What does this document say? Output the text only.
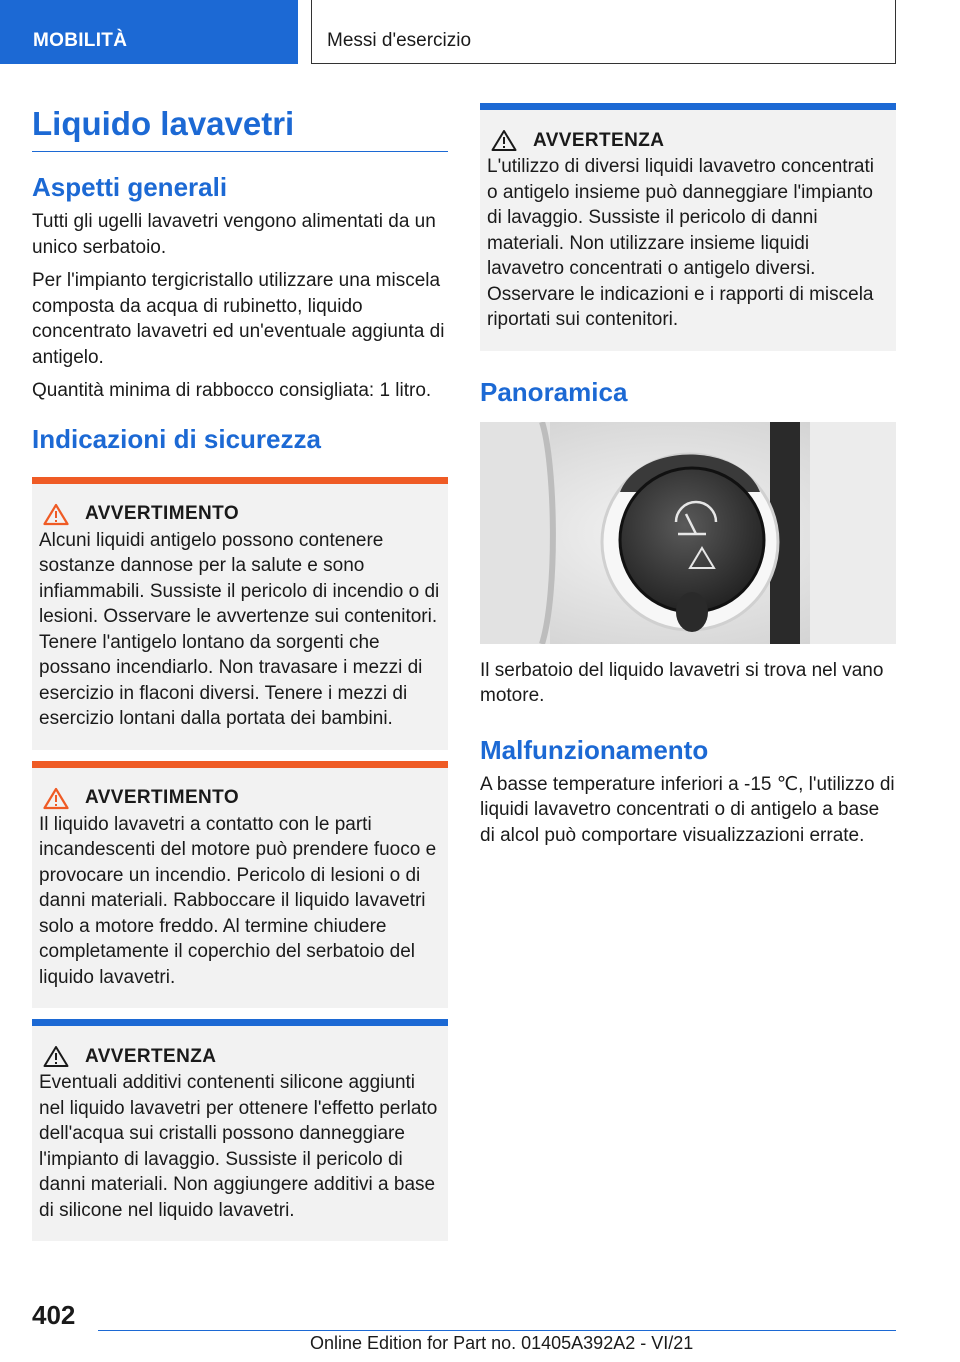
MOBILITÀ	Messi d'esercizio
Liquido lavavetri
Aspetti generali

Tutti gli ugelli lavavetri vengono alimentati da un unico serbatoio.

Per l'impianto tergicristallo utilizzare una miscela composta da acqua di rubinetto, liquido concentrato lavavetri ed un'eventuale aggiunta di antigelo.

Quantità minima di rabbocco consigliata: 1 litro.

Indicazioni di sicurezza
AVVERTIMENTO

Alcuni liquidi antigelo possono contenere sostanze dannose per la salute e sono infiammabili. Sussiste il pericolo di incendio o di lesioni. Osservare le avvertenze sui contenitori. Tenere l'antigelo lontano da sorgenti che possano incendiarlo. Non travasare i mezzi di esercizio in flaconi diversi. Tenere i mezzi di esercizio lontani dalla portata dei bambini.

AVVERTIMENTO

Il liquido lavavetri a contatto con le parti incandescenti del motore può prendere fuoco e provocare un incendio. Pericolo di lesioni o di danni materiali. Rabboccare il liquido lavavetri solo a motore freddo. Al termine chiudere completamente il coperchio del serbatoio del liquido lavavetri.

AVVERTENZA

Eventuali additivi contenenti silicone aggiunti nel liquido lavavetri per ottenere l'effetto perlato dell'acqua sui cristalli possono danneggiare l'impianto di lavaggio. Sussiste il pericolo di danni materiali. Non aggiungere additivi a base di silicone nel liquido lavavetri.

AVVERTENZA

L'utilizzo di diversi liquidi lavavetro concentrati o antigelo insieme può danneggiare l'impianto di lavaggio. Sussiste il pericolo di danni materiali. Non utilizzare insieme liquidi lavavetro concentrati o antigelo diversi. Osservare le indicazioni e i rapporti di miscela riportati sui contenitori.

Panoramica

Il serbatoio del liquido lavavetri si trova nel vano motore.

Malfunzionamento

A basse temperature inferiori a -15 ℃, l'utilizzo di liquidi lavavetro concentrati o di antigelo a base di alcol può comportare visualizzazioni errate.

402
Online Edition for Part no. 01405A392A2 - VI/21
